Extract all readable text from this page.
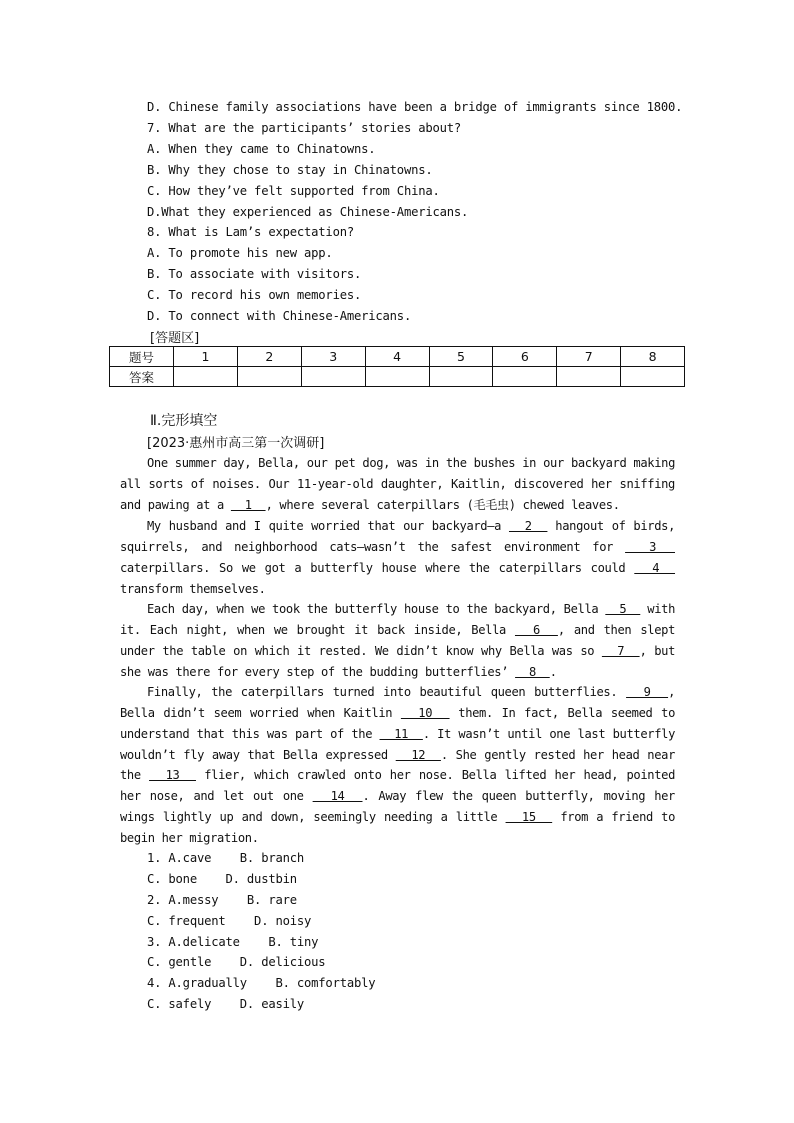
D. Chinese family associations have been a bridge of immigrants since 1800.
7. What are the participants’ stories about?
A. When they came to Chinatowns.
B. Why they chose to stay in Chinatowns.
C. How they’ve felt supported from China.
D.What they experienced as Chinese-Americans.
8. What is Lam’s expectation?
A. To promote his new app.
B. To associate with visitors.
C. To record his own memories.
D. To connect with Chinese-Americans.
[答题区]
题号	1	2	3	4	5	6	7	8
答案								
Ⅱ.完形填空
[2023·惠州市高三第一次调研]
One summer day, Bella, our pet dog, was in the bushes in our backyard making all sorts of noises. Our 11-year-old daughter, Kaitlin, discovered her sniffing and pawing at a   1  , where several caterpillars (毛毛虫) chewed leaves.
My husband and I quite worried that our backyard—a   2   hangout of birds, squirrels, and neighborhood cats—wasn’t the safest environment for   3   caterpillars. So we got a butterfly house where the caterpillars could   4   transform themselves.
Each day, when we took the butterfly house to the backyard, Bella   5   with it. Each night, when we brought it back inside, Bella   6  , and then slept under the table on which it rested. We didn’t know why Bella was so   7  , but she was there for every step of the budding butterflies’   8  .
Finally, the caterpillars turned into beautiful queen butterflies.   9  , Bella didn’t seem worried when Kaitlin   10   them. In fact, Bella seemed to understand that this was part of the   11  . It wasn’t until one last butterfly wouldn’t fly away that Bella expressed   12  . She gently rested her head near the   13   flier, which crawled onto her nose. Bella lifted her head, pointed her nose, and let out one   14  . Away flew the queen butterfly, moving her wings lightly up and down, seemingly needing a little   15   from a friend to begin her migration.
1. A.cave    B. branch
C. bone    D. dustbin
2. A.messy    B. rare
C. frequent    D. noisy
3. A.delicate    B. tiny
C. gentle    D. delicious
4. A.gradually    B. comfortably
C. safely    D. easily
